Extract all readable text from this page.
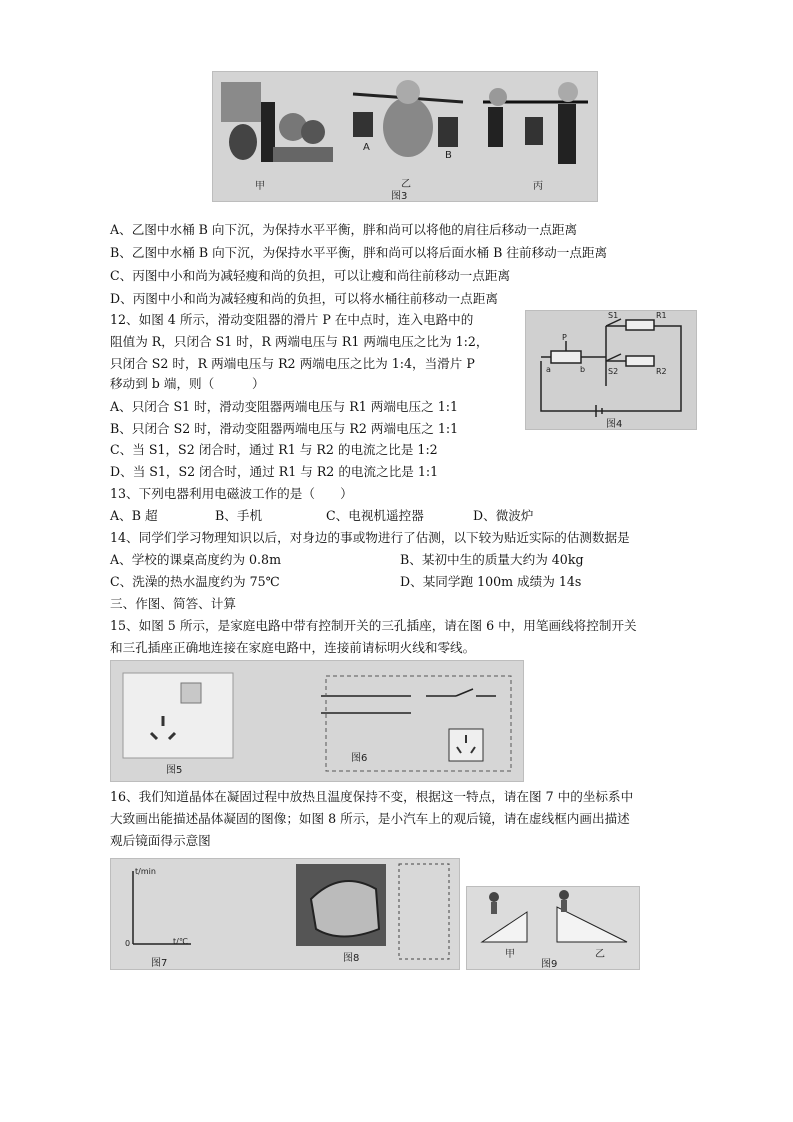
甲	乙	丙
A
B
图3
A、乙图中水桶 B 向下沉，为保持水平平衡，胖和尚可以将他的肩往后移动一点距离
B、乙图中水桶 B 向下沉，为保持水平平衡，胖和尚可以将后面水桶 B 往前移动一点距离
C、丙图中小和尚为减轻瘦和尚的负担，可以让瘦和尚往前移动一点距离
D、丙图中小和尚为减轻瘦和尚的负担，可以将水桶往前移动一点距离
12、如图 4 所示，滑动变阻器的滑片 P 在中点时，连入电路中的
阻值为 R，只闭合 S1 时，R 两端电压与 R1 两端电压之比为 1:2，
只闭合 S2 时，R 两端电压与 R2 两端电压之比为 1:4，当滑片 P
移动到 b 端，则（　　　）
A、只闭合 S1 时，滑动变阻器两端电压与 R1 两端电压之 1:1
B、只闭合 S2 时，滑动变阻器两端电压与 R2 两端电压之 1:1
C、当 S1，S2 闭合时，通过 R1 与 R2 的电流之比是 1:2
D、当 S1，S2 闭合时，通过 R1 与 R2 的电流之比是 1:1
S1
S2
R1
R2
P
a	b
图4
13、下列电器利用电磁波工作的是（　　）
A、B 超	B、手机	C、电视机遥控器	D、微波炉
14、同学们学习物理知识以后，对身边的事或物进行了估测，以下较为贴近实际的估测数据是
A、学校的课桌高度约为 0.8m	B、某初中生的质量大约为 40kg
C、洗澡的热水温度约为 75℃	D、某同学跑 100m 成绩为 14s
三、作图、简答、计算
15、如图 5 所示，是家庭电路中带有控制开关的三孔插座，请在图 6 中，用笔画线将控制开关
和三孔插座正确地连接在家庭电路中，连接前请标明火线和零线。
图5
图6
16、我们知道晶体在凝固过程中放热且温度保持不变，根据这一特点，请在图 7 中的坐标系中
大致画出能描述晶体凝固的图像；如图 8 所示，是小汽车上的观后镜，请在虚线框内画出描述
观后镜面得示意图
t/min
0	t/℃
图7	图8	甲	乙
图9
